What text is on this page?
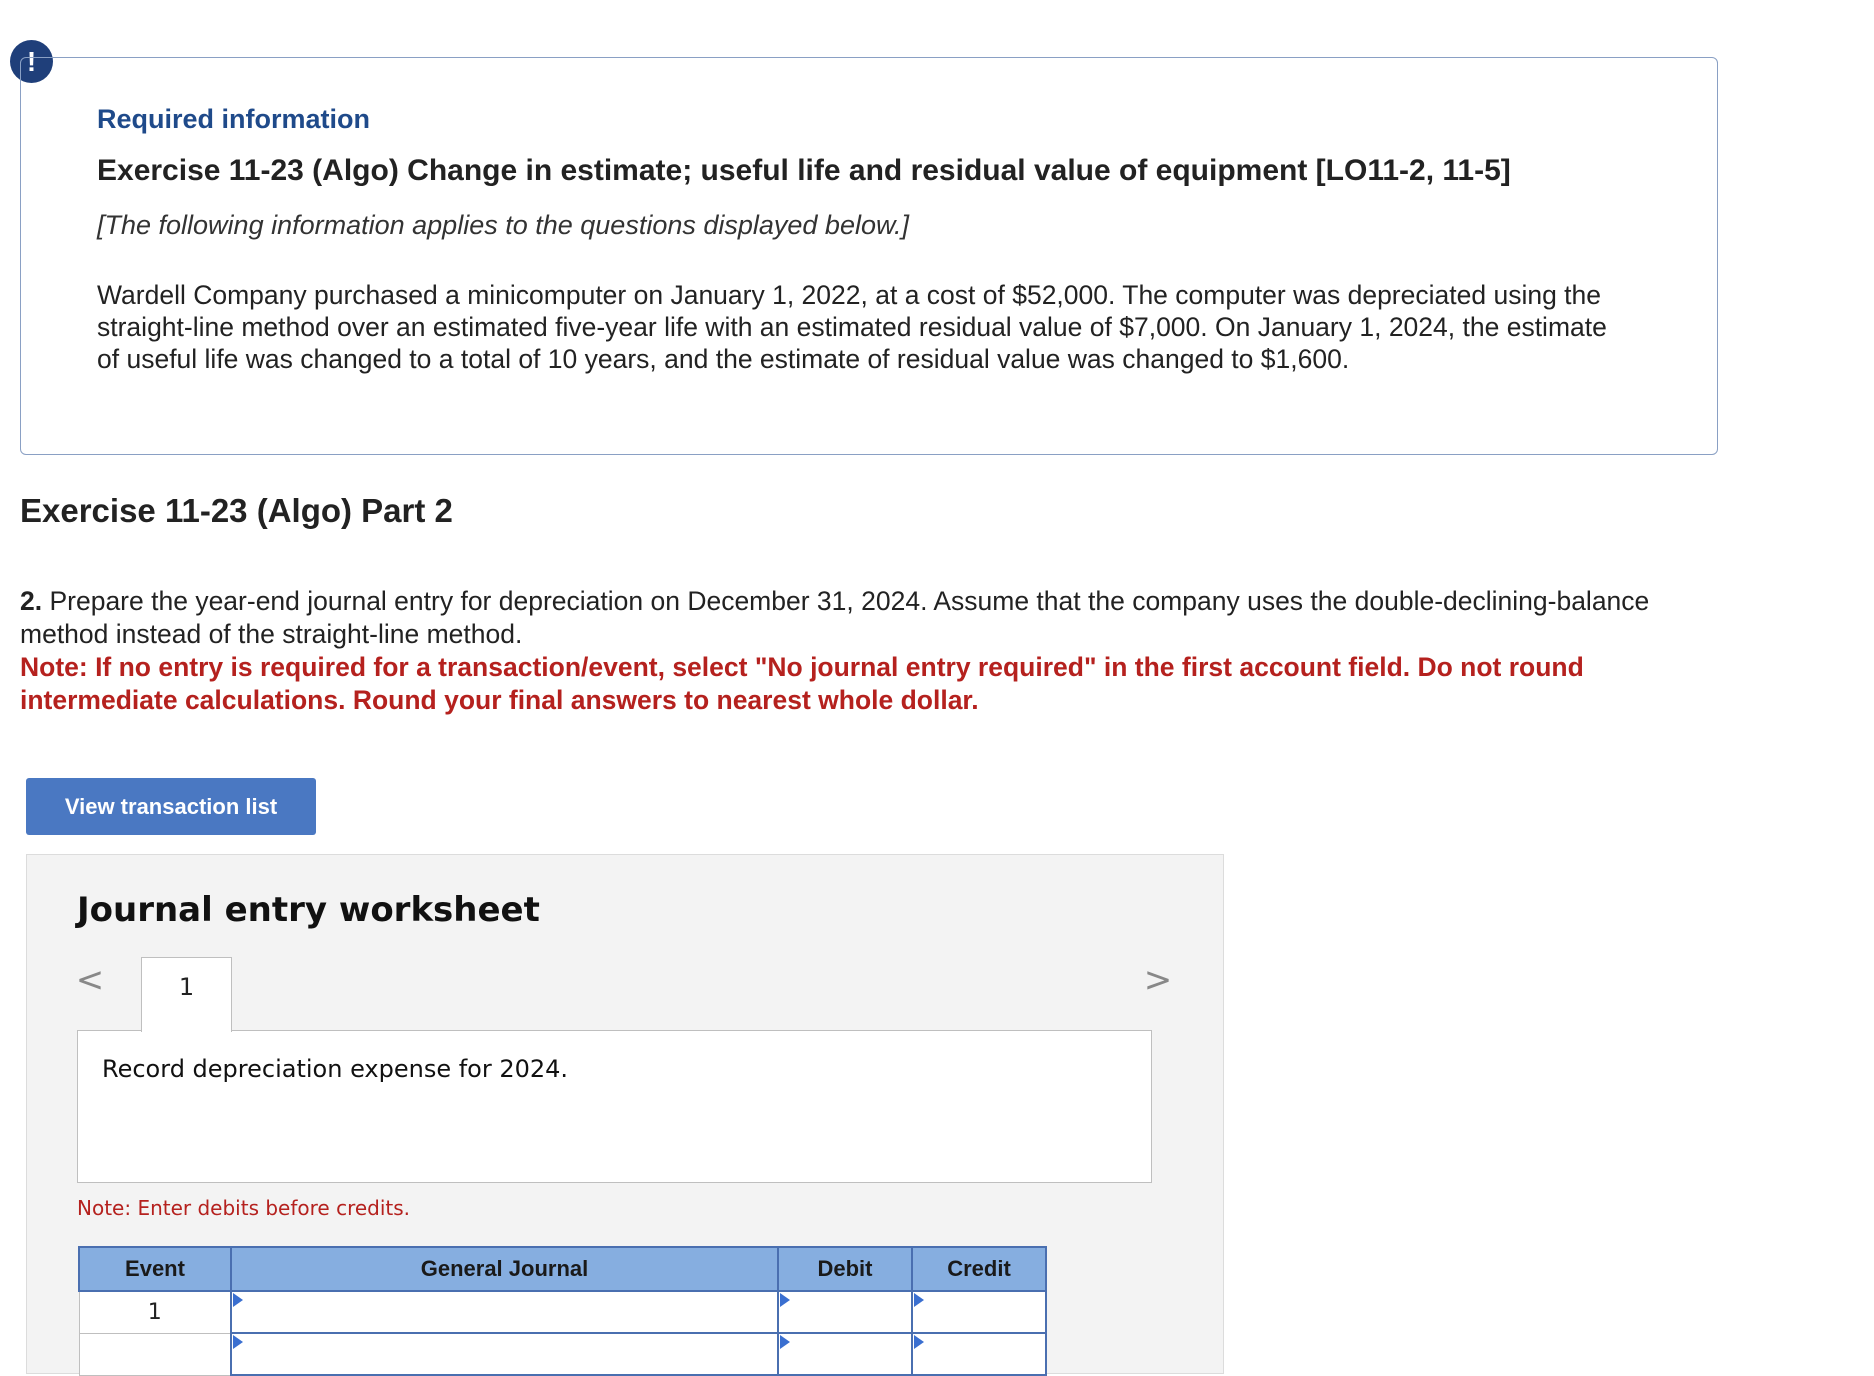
!
Required information
Exercise 11-23 (Algo) Change in estimate; useful life and residual value of equipment [LO11-2, 11-5]
[The following information applies to the questions displayed below.]
Wardell Company purchased a minicomputer on January 1, 2022, at a cost of $52,000. The computer was depreciated using the straight-line method over an estimated five-year life with an estimated residual value of $7,000. On January 1, 2024, the estimate of useful life was changed to a total of 10 years, and the estimate of residual value was changed to $1,600.
Exercise 11-23 (Algo) Part 2
2. Prepare the year-end journal entry for depreciation on December 31, 2024. Assume that the company uses the double-declining-balance method instead of the straight-line method.
Note: If no entry is required for a transaction/event, select "No journal entry required" in the first account field. Do not round intermediate calculations. Round your final answers to nearest whole dollar.
View transaction list
Journal entry worksheet
<	>
1
Record depreciation expense for 2024.
Note: Enter debits before credits.
Event	General Journal	Debit	Credit
1	
